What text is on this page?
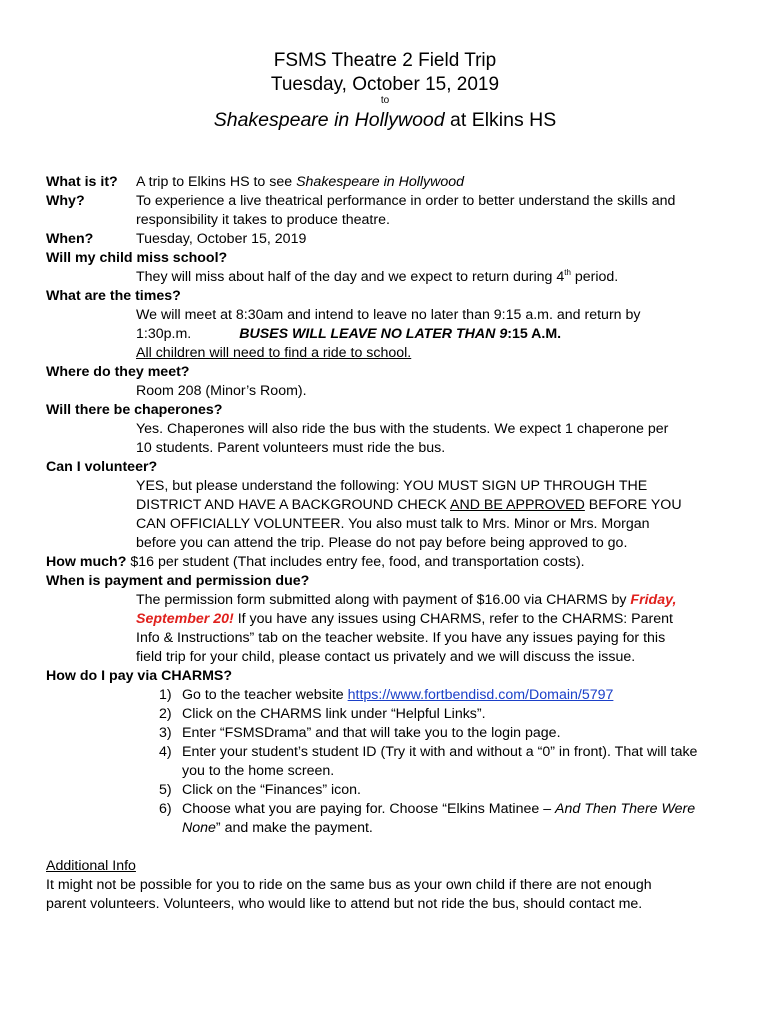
FSMS Theatre 2 Field Trip
Tuesday, October 15, 2019
to
Shakespeare in Hollywood at Elkins HS
What is it?	A trip to Elkins HS to see Shakespeare in Hollywood
Why?	To experience a live theatrical performance in order to better understand the skills and
responsibility it takes to produce theatre.
When?	Tuesday, October 15, 2019
Will my child miss school?
They will miss about half of the day and we expect to return during 4th period.
What are the times?
We will meet at 8:30am and intend to leave no later than 9:15 a.m. and return by
1:30p.m.	BUSES WILL LEAVE NO LATER THAN 9:15 A.M.
All children will need to find a ride to school.
Where do they meet?
Room 208 (Minor’s Room).
Will there be chaperones?
Yes. Chaperones will also ride the bus with the students. We expect 1 chaperone per
10 students. Parent volunteers must ride the bus.
Can I volunteer?
YES, but please understand the following: YOU MUST SIGN UP THROUGH THE
DISTRICT AND HAVE A BACKGROUND CHECK AND BE APPROVED BEFORE YOU
CAN OFFICIALLY VOLUNTEER. You also must talk to Mrs. Minor or Mrs. Morgan
before you can attend the trip. Please do not pay before being approved to go.
How much? $16 per student (That includes entry fee, food, and transportation costs).
When is payment and permission due?
The permission form submitted along with payment of $16.00 via CHARMS by Friday,
September 20! If you have any issues using CHARMS, refer to the CHARMS: Parent
Info & Instructions” tab on the teacher website. If you have any issues paying for this
field trip for your child, please contact us privately and we will discuss the issue.
How do I pay via CHARMS?
1) Go to the teacher website https://www.fortbendisd.com/Domain/5797
2) Click on the CHARMS link under “Helpful Links”.
3) Enter “FSMSDrama” and that will take you to the login page.
4) Enter your student’s student ID (Try it with and without a “0” in front). That will take
you to the home screen.
5) Click on the “Finances” icon.
6) Choose what you are paying for. Choose “Elkins Matinee – And Then There Were
None” and make the payment.
Additional Info
It might not be possible for you to ride on the same bus as your own child if there are not enough
parent volunteers. Volunteers, who would like to attend but not ride the bus, should contact me.
